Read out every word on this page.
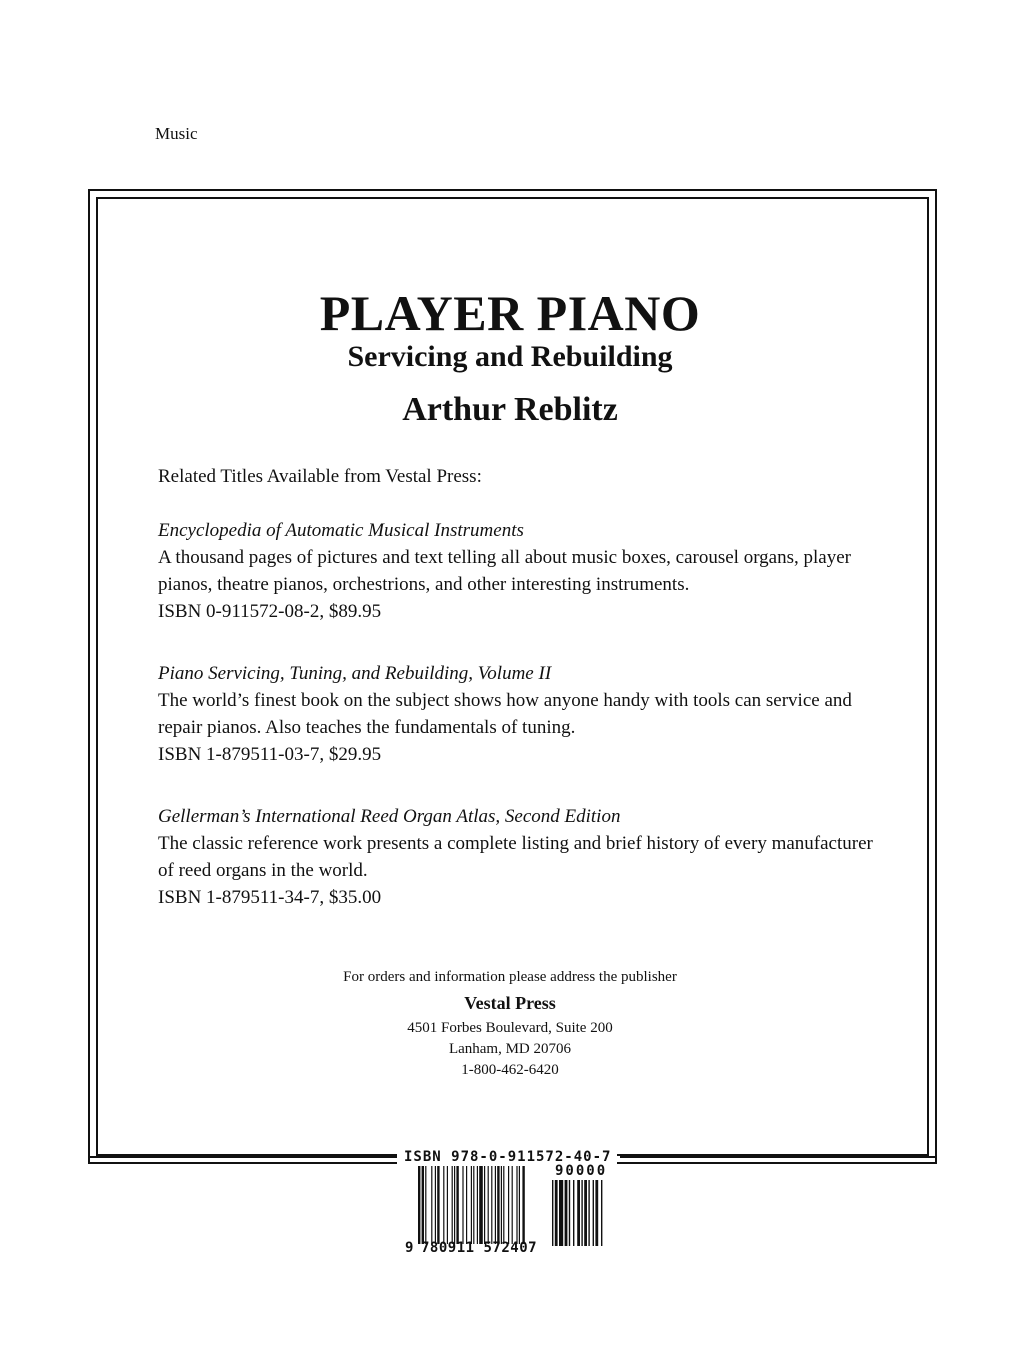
Music
PLAYER PIANO
Servicing and Rebuilding
Arthur Reblitz
Related Titles Available from Vestal Press:

Encyclopedia of Automatic Musical Instruments

A thousand pages of pictures and text telling all about music boxes, carousel organs, player pianos, theatre pianos, orchestrions, and other interesting instruments.

ISBN 0-911572-08-2, $89.95

Piano Servicing, Tuning, and Rebuilding, Volume II

The world’s finest book on the subject shows how anyone handy with tools can service and repair pianos. Also teaches the fundamentals of tuning.

ISBN 1-879511-03-7, $29.95

Gellerman’s International Reed Organ Atlas, Second Edition

The classic reference work presents a complete listing and brief history of every manufacturer of reed organs in the world.

ISBN 1-879511-34-7, $35.00

For orders and information please address the publisher
Vestal Press
4501 Forbes Boulevard, Suite 200
Lanham, MD 20706
1-800-462-6420
ISBN 978-0-911572-40-7
90000
9 780911 572407
